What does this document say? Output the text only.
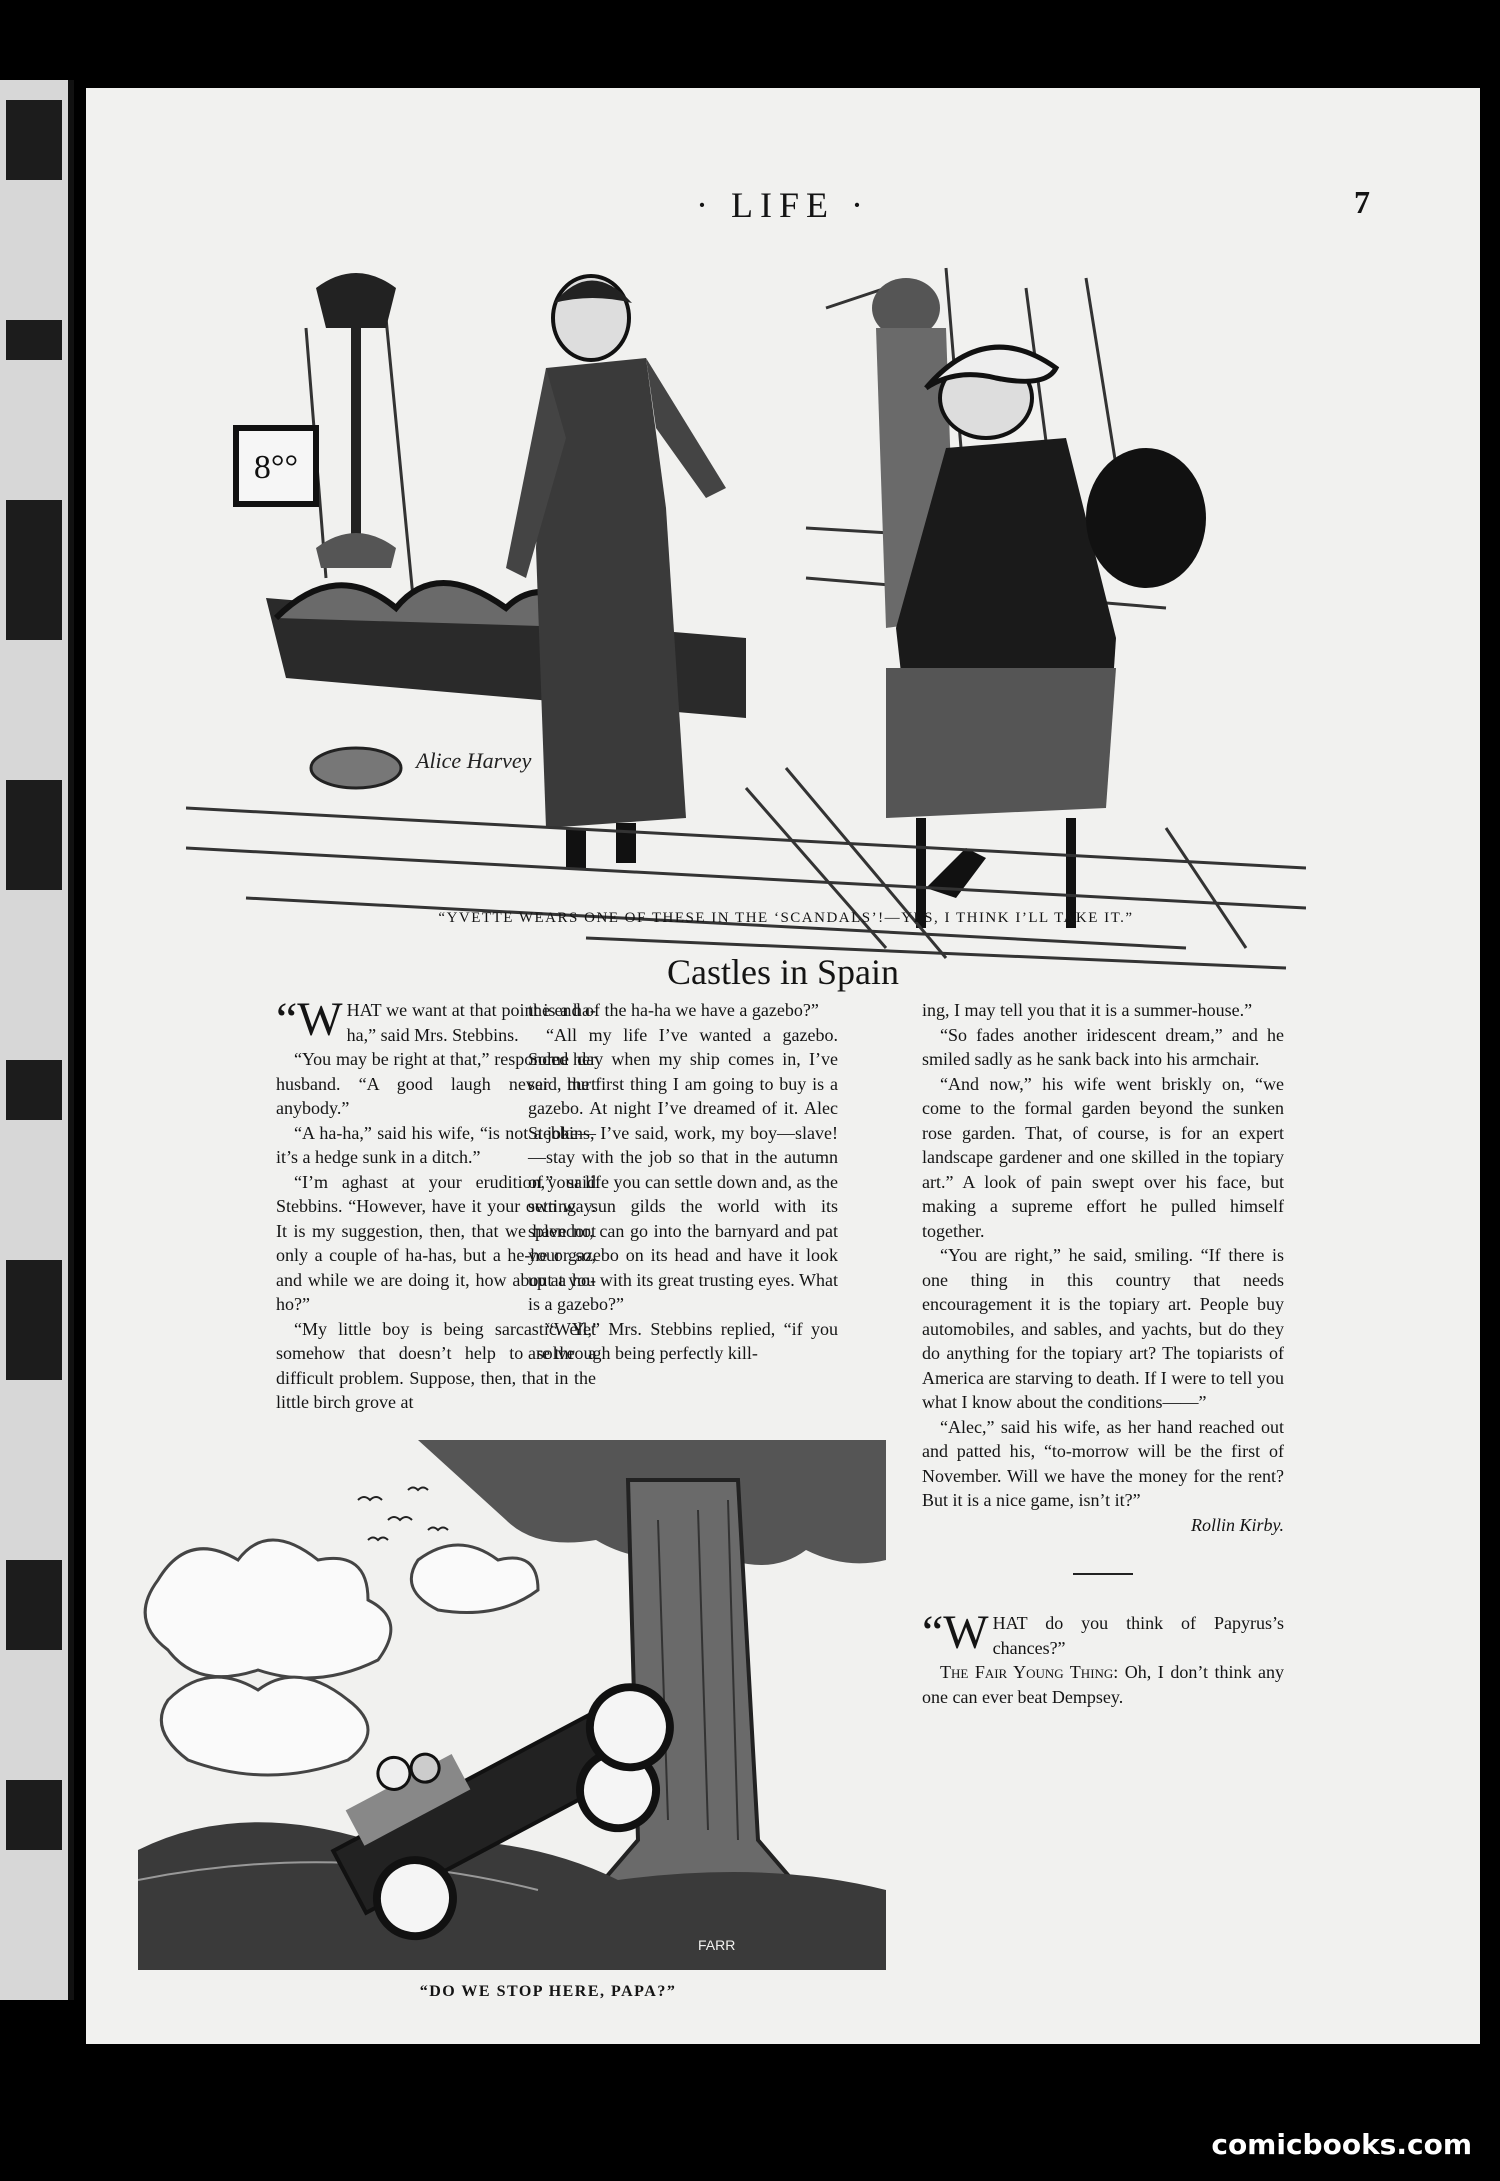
· LIFE ·	7
8°°
Alice Harvey
“YVETTE WEARS ONE OF THESE IN THE ‘SCANDALS’!—YES, I THINK I’LL TAKE IT.”
Castles in Spain

“WHAT we want at that point is a ha-ha,” said Mrs. Stebbins.

“You may be right at that,” responded her husband. “A good laugh never hurt anybody.”

“A ha-ha,” said his wife, “is not a joke—it’s a hedge sunk in a ditch.”

“I’m aghast at your erudition,” said Stebbins. “However, have it your own way. It is my suggestion, then, that we have not only a couple of ha-has, but a he-he or so, and while we are doing it, how about a ho-ho?”

“My little boy is being sarcastic. Yet somehow that doesn’t help to solve a difficult problem. Suppose, then, that in the little birch grove at

the end of the ha-ha we have a gazebo?”

“All my life I’ve wanted a gazebo. Some day when my ship comes in, I’ve said, the first thing I am going to buy is a gazebo. At night I’ve dreamed of it. Alec Stebbins, I’ve said, work, my boy—slave!—stay with the job so that in the autumn of your life you can settle down and, as the setting sun gilds the world with its splendor, can go into the barnyard and pat your gazebo on its head and have it look up at you with its great trusting eyes. What is a gazebo?”

“Well,” Mrs. Stebbins replied, “if you are through being perfectly kill-

ing, I may tell you that it is a summer-house.”

“So fades another iridescent dream,” and he smiled sadly as he sank back into his armchair.

“And now,” his wife went briskly on, “we come to the formal garden beyond the sunken rose garden. That, of course, is for an expert landscape gardener and one skilled in the topiary art.” A look of pain swept over his face, but making a supreme effort he pulled himself together.

“You are right,” he said, smiling. “If there is one thing in this country that needs encouragement it is the topiary art. People buy automobiles, and sables, and yachts, but do they do anything for the topiary art? The topiarists of America are starving to death. If I were to tell you what I know about the conditions——”

“Alec,” said his wife, as her hand reached out and patted his, “to-morrow will be the first of November. Will we have the money for the rent? But it is a nice game, isn’t it?”

Rollin Kirby.

“WHAT do you think of Papyrus’s chances?”

The Fair Young Thing: Oh, I don’t think any one can ever beat Dempsey.

FARR
“DO WE STOP HERE, PAPA?”
comicbooks.com
